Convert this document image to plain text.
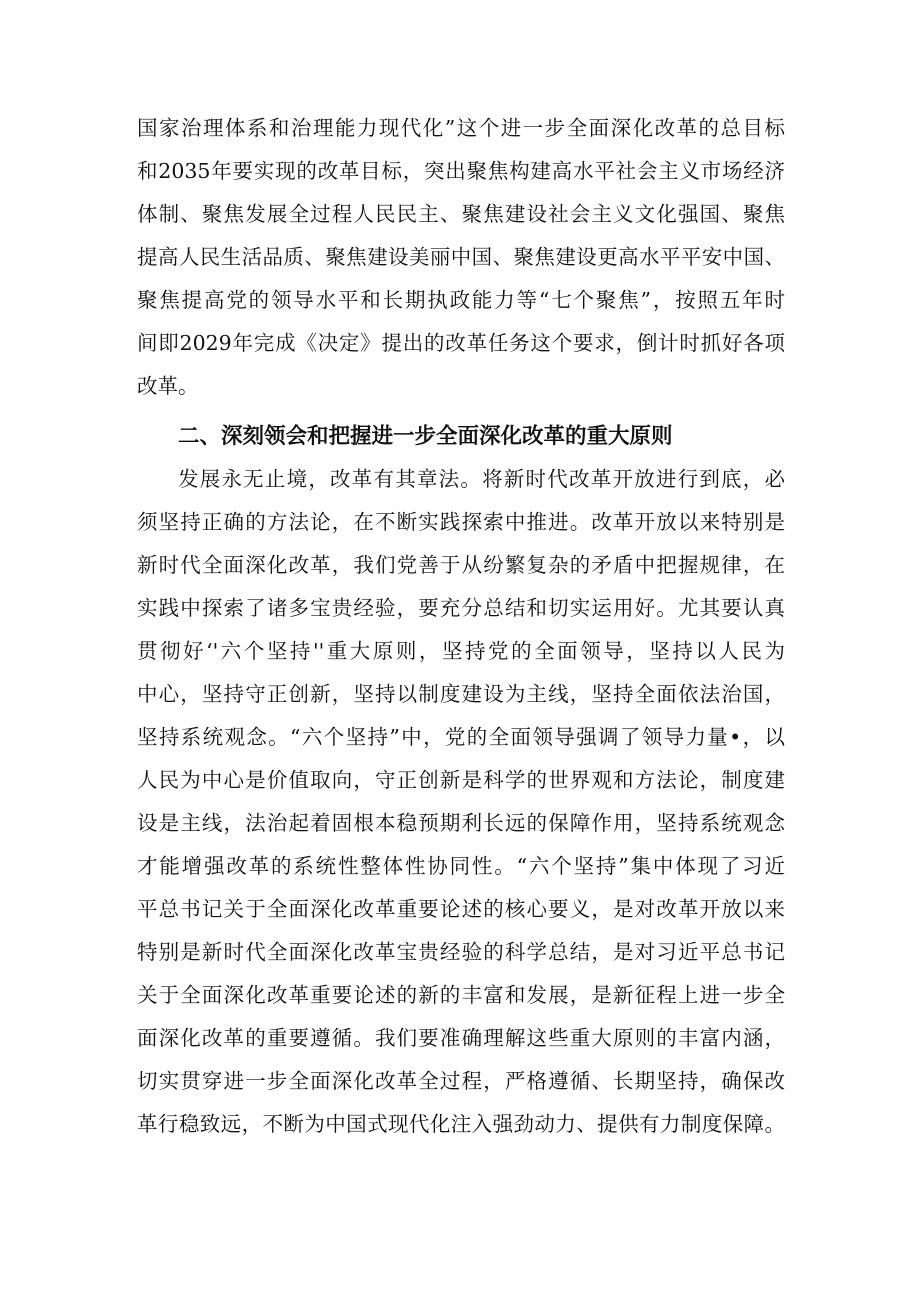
国家治理体系和治理能力现代化”这个进一步全面深化改革的总目标
和2035年要实现的改革目标，突出聚焦构建高水平社会主义市场经济
体制、聚焦发展全过程人民民主、聚焦建设社会主义文化强国、聚焦
提高人民生活品质、聚焦建设美丽中国、聚焦建设更高水平平安中国、
聚焦提高党的领导水平和长期执政能力等“七个聚焦”，按照五年时
间即2029年完成《决定》提出的改革任务这个要求，倒计时抓好各项
改革。
二、深刻领会和把握进一步全面深化改革的重大原则
发展永无止境，改革有其章法。将新时代改革开放进行到底，必
须坚持正确的方法论，在不断实践探索中推进。改革开放以来特别是
新时代全面深化改革，我们党善于从纷繁复杂的矛盾中把握规律，在
实践中探索了诸多宝贵经验，要充分总结和切实运用好。尤其要认真
贯彻好‘'六个坚持''重大原则，坚持党的全面领导，坚持以人民为
中心，坚持守正创新，坚持以制度建设为主线，坚持全面依法治国，
坚持系统观念。“六个坚持”中，党的全面领导强调了领导力量•，以
人民为中心是价值取向，守正创新是科学的世界观和方法论，制度建
设是主线，法治起着固根本稳预期利长远的保障作用，坚持系统观念
才能增强改革的系统性整体性协同性。“六个坚持”集中体现了习近
平总书记关于全面深化改革重要论述的核心要义，是对改革开放以来
特别是新时代全面深化改革宝贵经验的科学总结，是对习近平总书记
关于全面深化改革重要论述的新的丰富和发展，是新征程上进一步全
面深化改革的重要遵循。我们要准确理解这些重大原则的丰富内涵，
切实贯穿进一步全面深化改革全过程，严格遵循、长期坚持，确保改
革行稳致远，不断为中国式现代化注入强劲动力、提供有力制度保障。
